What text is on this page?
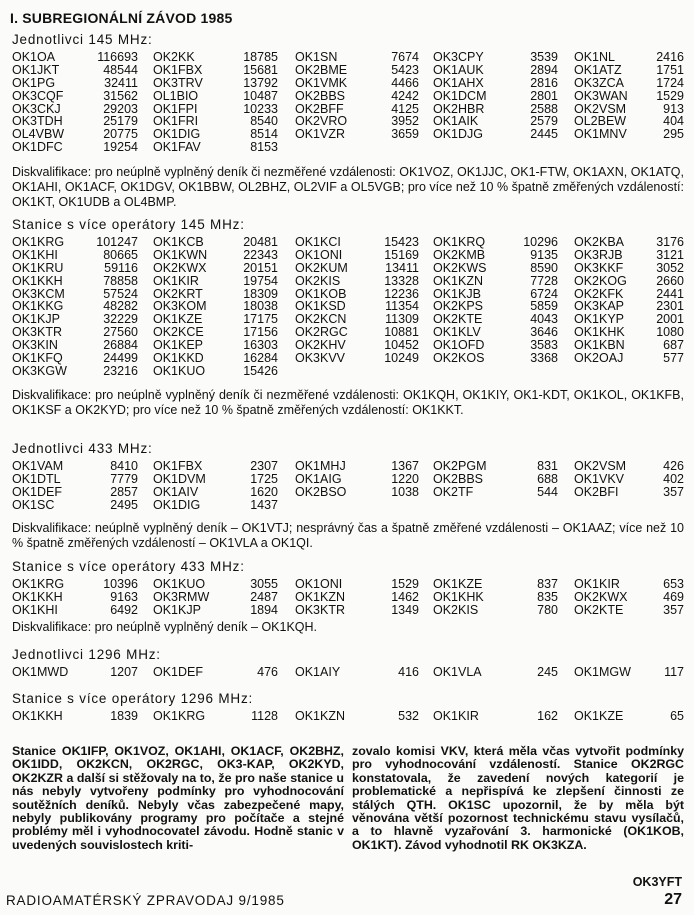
I. SUBREGIONÁLNÍ ZÁVOD 1985
Jednotlivci 145 MHz:
OK1OA	116693 OK2KK	18785 OK1SN	7674 OK3CPY	3539 OK1NL	2416
OK1JKT	48544 OK1FBX	15681 OK2BME	5423 OK1AUK	2894 OK1ATZ	1751
OK1PG	32411 OK3TRV	13792 OK1VMK	4466 OK1AHX	2816 OK3ZCA	1724
OK3CQF	31562 OL1BIO	10487 OK2BBS	4242 OK1DCM	2801 OK3WAN 1529
OK3CKJ	29203 OK1FPI	10233 OK2BFF	4125 OK2HBR	2588 OK2VSM	913
OK3TDH	25179 OK1FRI	8540 OK2VRO	3952 OK1AIK	2579 OL2BEW	404
OL4VBW	20775 OK1DIG	8514 OK1VZR	3659 OK1DJG	2445 OK1MNV	295
OK1DFC	19254 OK1FAV	8153
Diskvalifikace: pro neúplně vyplněný deník či nezměřené vzdálenosti: OK1VOZ, OK1JJC, OK1-FTW, OK1AXN, OK1ATQ, OK1AHI, OK1ACF, OK1DGV, OK1BBW, OL2BHZ, OL2VIF a OL5VGB; pro více než 10 % špatně změřených vzdáleností: OK1KT, OK1UDB a OL4BMP.
Stanice s více operátory 145 MHz:
OK1KRG	101247 OK1KCB	20481 OK1KCI	15423 OK1KRQ	10296 OK2KBA	3176
OK1KHI	80665 OK1KWN	22343 OK1ONI	15169 OK2KMB	9135 OK3RJB	3121
OK1KRU	59116 OK2KWX	20151 OK2KUM	13411 OK2KWS	8590 OK3KKF	3052
OK1KKH	78858 OK1KIR	19754 OK2KIS	13328 OK1KZN	7728 OK2KOG 2660
OK3KCM	57524 OK2KRT	18309 OK1KOB	12236 OK1KJB	6724 OK2KFK	2441
OK1KKG	48282 OK3KOM	18038 OK1KSD	11354 OK2KPS	5859 OK3KAP	2301
OK1KJP	32229 OK1KZE	17175 OK2KCN	11309 OK2KTE	4043 OK1KYP	2001
OK3KTR	27560 OK2KCE	17156 OK2RGC	10881 OK1KLV	3646 OK1KHK	1080
OK3KIN	26884 OK1KEP	16303 OK2KHV	10452 OK1OFD	3583 OK1KBN	687
OK1KFQ	24499 OK1KKD	16284 OK3KVV	10249 OK2KOS	3368 OK2OAJ	577
OK3KGW	23216 OK1KUO	15426
Diskvalifikace: pro neúplně vyplněný deník či nezměřené vzdálenosti: OK1KQH, OK1KIY, OK1-KDT, OK1KOL, OK1KFB, OK1KSF a OK2KYD; pro více než 10 % špatně změřených vzdáleností: OK1KKT.
Jednotlivci 433 MHz:
OK1VAM	8410 OK1FBX	2307 OK1MHJ	1367 OK2PGM	831 OK2VSM	426
OK1DTL	7779 OK1DVM	1725 OK1AIG	1220 OK2BBS	688 OK1VKV	402
OK1DEF	2857 OK1AIV	1620 OK2BSO	1038 OK2TF	544 OK2BFI	357
OK1SC	2495 OK1DIG	1437
Diskvalifikace: neúplně vyplněný deník – OK1VTJ; nesprávný čas a špatně změřené vzdálenosti – OK1AAZ; více než 10 % špatně změřených vzdáleností – OK1VLA a OK1QI.
Stanice s více operátory 433 MHz:
OK1KRG	10396 OK1KUO	3055 OK1ONI	1529 OK1KZE	837 OK1KIR	653
OK1KKH	9163 OK3RMW	2487 OK1KZN	1462 OK1KHK	835 OK2KWX	469
OK1KHI	6492 OK1KJP	1894 OK3KTR	1349 OK2KIS	780 OK2KTE	357
Diskvalifikace: pro neúplně vyplněný deník – OK1KQH.
Jednotlivci 1296 MHz:
OK1MWD	1207 OK1DEF	476 OK1AIY	416 OK1VLA	245 OK1MGW	117
Stanice s více operátory 1296 MHz:
OK1KKH	1839 OK1KRG	1128 OK1KZN	532 OK1KIR	162 OK1KZE	65
Stanice OK1IFP, OK1VOZ, OK1AHI, OK1ACF, OK2BHZ, OK1IDD, OK2KCN, OK2RGC, OK3-KAP, OK2KYD, OK2KZR a další si stěžovaly na to, že pro naše stanice u nás nebyly vytvořeny podmínky pro vyhodnocování soutěžních deníků. Nebyly včas zabezpečené mapy, nebyly publikovány programy pro počítače a stejné problémy měl i vyhodnocovatel závodu. Hodně stanic v uvedených souvislostech kriti-
zovalo komisi VKV, která měla včas vytvořit podmínky pro vyhodnocování vzdáleností. Stanice OK2RGC konstatovala, že zavedení nových kategorií je problematické a nepřispívá ke zlepšení činnosti ze stálých QTH. OK1SC upozornil, že by měla být věnována větší pozornost technickému stavu vysílačů, a to hlavně vyzařování 3. harmonické (OK1KOB, OK1KT). Závod vyhodnotil RK OK3KZA.
OK3YFT
RADIOAMATÉRSKÝ ZPRAVODAJ 9/1985	27
